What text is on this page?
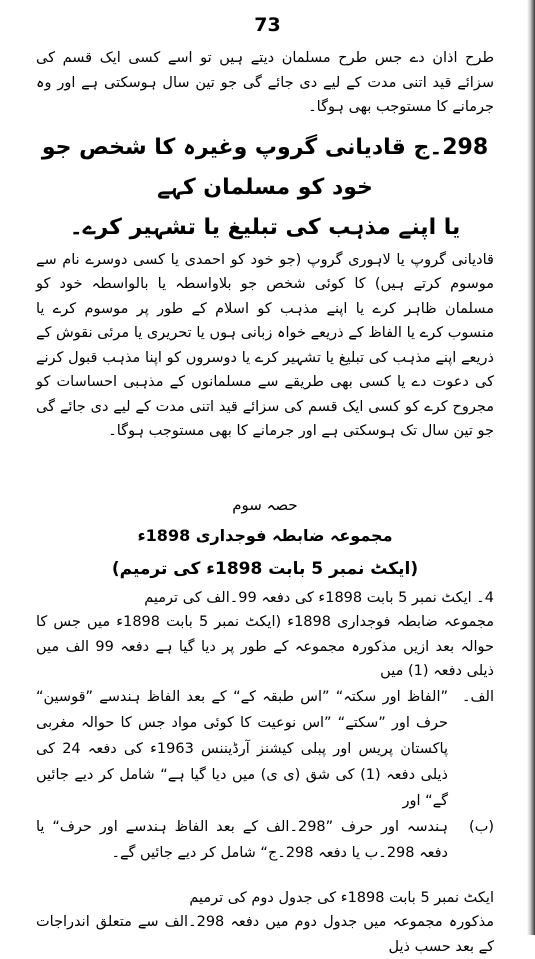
73

طرح اذان دے جس طرح مسلمان دیتے ہیں تو اسے کسی ایک قسم کی سزائے قید اتنی مدت کے لیے دی جائے گی جو تین سال ہوسکتی ہے اور وہ جرمانے کا مستوجب بھی ہوگا۔

298۔ج قادیانی گروپ وغیرہ کا شخص جو خود کو مسلمان کہے

یا اپنے مذہب کی تبلیغ یا تشہیر کرے۔

قادیانی گروپ یا لاہوری گروپ (جو خود کو احمدی یا کسی دوسرے نام سے موسوم کرتے ہیں) کا کوئی شخص جو بلاواسطہ یا بالواسطہ خود کو مسلمان ظاہر کرے یا اپنے مذہب کو اسلام کے طور پر موسوم کرے یا منسوب کرے یا الفاظ کے ذریعے خواہ زبانی ہوں یا تحریری یا مرئی نقوش کے ذریعے اپنے مذہب کی تبلیغ یا تشہیر کرے یا دوسروں کو اپنا مذہب قبول کرنے کی دعوت دے یا کسی بھی طریقے سے مسلمانوں کے مذہبی احساسات کو مجروح کرے کو کسی ایک قسم کی سزائے قید اتنی مدت کے لیے دی جائے گی جو تین سال تک ہوسکتی ہے اور جرمانے کا بھی مستوجب ہوگا۔

حصہ سوم

مجموعہ ضابطہ فوجداری 1898ء

(ایکٹ نمبر 5 بابت 1898ء کی ترمیم)

4۔ ایکٹ نمبر 5 بابت 1898ء کی دفعہ 99۔الف کی ترمیم

مجموعہ ضابطہ فوجداری 1898ء (ایکٹ نمبر 5 بابت 1898ء میں جس کا حوالہ بعد ازیں مذکورہ مجموعہ کے طور پر دیا گیا ہے دفعہ 99 الف میں ذیلی دفعہ (1) میں

الف۔
”الفاظ اور سکتہ“ ”اس طبقہ کے“ کے بعد الفاظ ہندسے ”قوسین“ حرف اور ”سکتے“ ”اس نوعیت کا کوئی مواد جس کا حوالہ مغربی پاکستان پریس اور پبلی کیشنز آرڈیننس 1963ء کی دفعہ 24 کی ذیلی دفعہ (1) کی شق (ی ی) میں دیا گیا ہے“ شامل کر دیے جائیں گے“ اور
(ب)
ہندسہ اور حرف ”298۔الف کے بعد الفاظ ہندسے اور حرف“ یا دفعہ 298۔ب یا دفعہ 298۔ج“ شامل کر دیے جائیں گے۔

ایکٹ نمبر 5 بابت 1898ء کی جدول دوم کی ترمیم

مذکورہ مجموعہ میں جدول دوم میں دفعہ 298۔الف سے متعلق اندراجات کے بعد حسب ذیل
